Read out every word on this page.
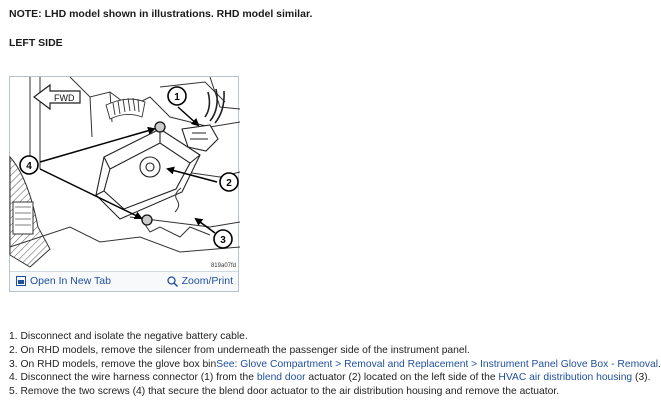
NOTE: LHD model shown in illustrations. RHD model similar.
LEFT SIDE
FWD	1
2
3
4
819a07fd
Open In New Tab	Zoom/Print
1. Disconnect and isolate the negative battery cable.
2. On RHD models, remove the silencer from underneath the passenger side of the instrument panel.
3. On RHD models, remove the glove box binSee: Glove Compartment > Removal and Replacement > Instrument Panel Glove Box - Removal.
4. Disconnect the wire harness connector (1) from the blend door actuator (2) located on the left side of the HVAC air distribution housing (3).
5. Remove the two screws (4) that secure the blend door actuator to the air distribution housing and remove the actuator.
